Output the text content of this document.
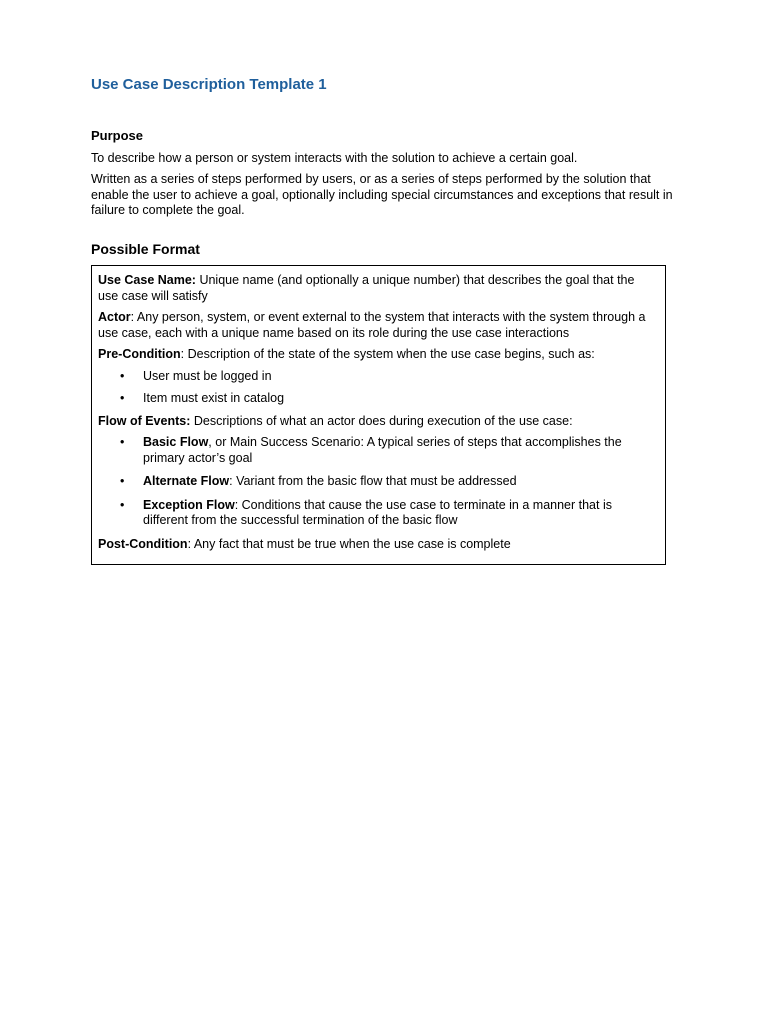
Use Case Description Template 1
Purpose

To describe how a person or system interacts with the solution to achieve a certain goal.

Written as a series of steps performed by users, or as a series of steps performed by the solution that enable the user to achieve a goal, optionally including special circumstances and exceptions that result in failure to complete the goal.

Possible Format

Use Case Name: Unique name (and optionally a unique number) that describes the goal that the use case will satisfy

Actor: Any person, system, or event external to the system that interacts with the system through a use case, each with a unique name based on its role during the use case interactions

Pre-Condition: Description of the state of the system when the use case begins, such as:

• User must be logged in
• Item must exist in catalog

Flow of Events: Descriptions of what an actor does during execution of the use case:

• Basic Flow, or Main Success Scenario: A typical series of steps that accomplishes the primary actor’s goal
• Alternate Flow: Variant from the basic flow that must be addressed
• Exception Flow: Conditions that cause the use case to terminate in a manner that is different from the successful termination of the basic flow

Post-Condition: Any fact that must be true when the use case is complete
